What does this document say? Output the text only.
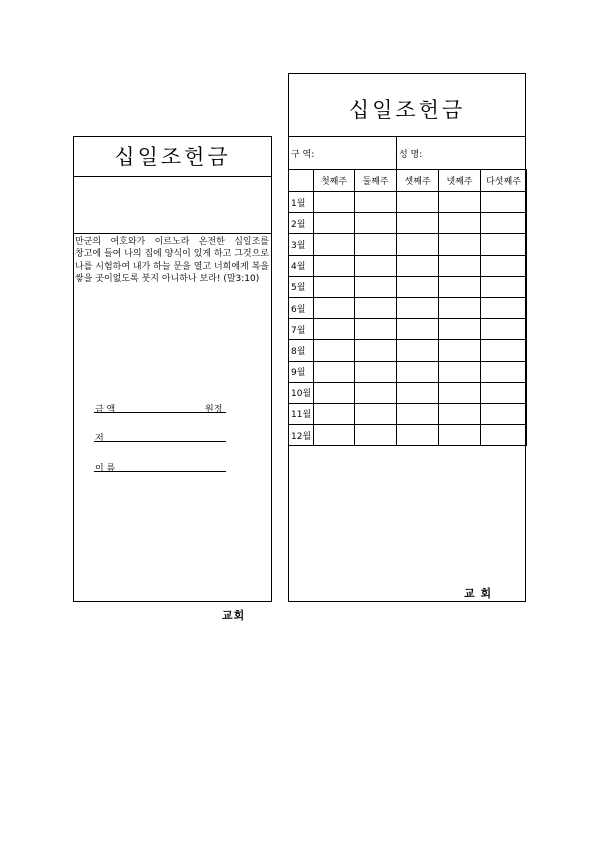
십일조헌금
만군의 여호와가 이르노라 온전한 십일조를 창고에 들여 나의 집에 양식이 있게 하고 그것으로 나를 시험하여 내가 하늘 문을 열고 너희에게 복을 쌓을 곳이없도록 붓지 아니하나 보라! (말3:10)
금 액	원정
저
이 름
교회
십일조헌금
구 역:	성 명:
	첫째주	둘째주	셋째주	넷째주	다섯째주
1월					
2월					
3월					
4월					
5월					
6월					
7월					
8월					
9월					
10월					
11월					
12월					
교 회
